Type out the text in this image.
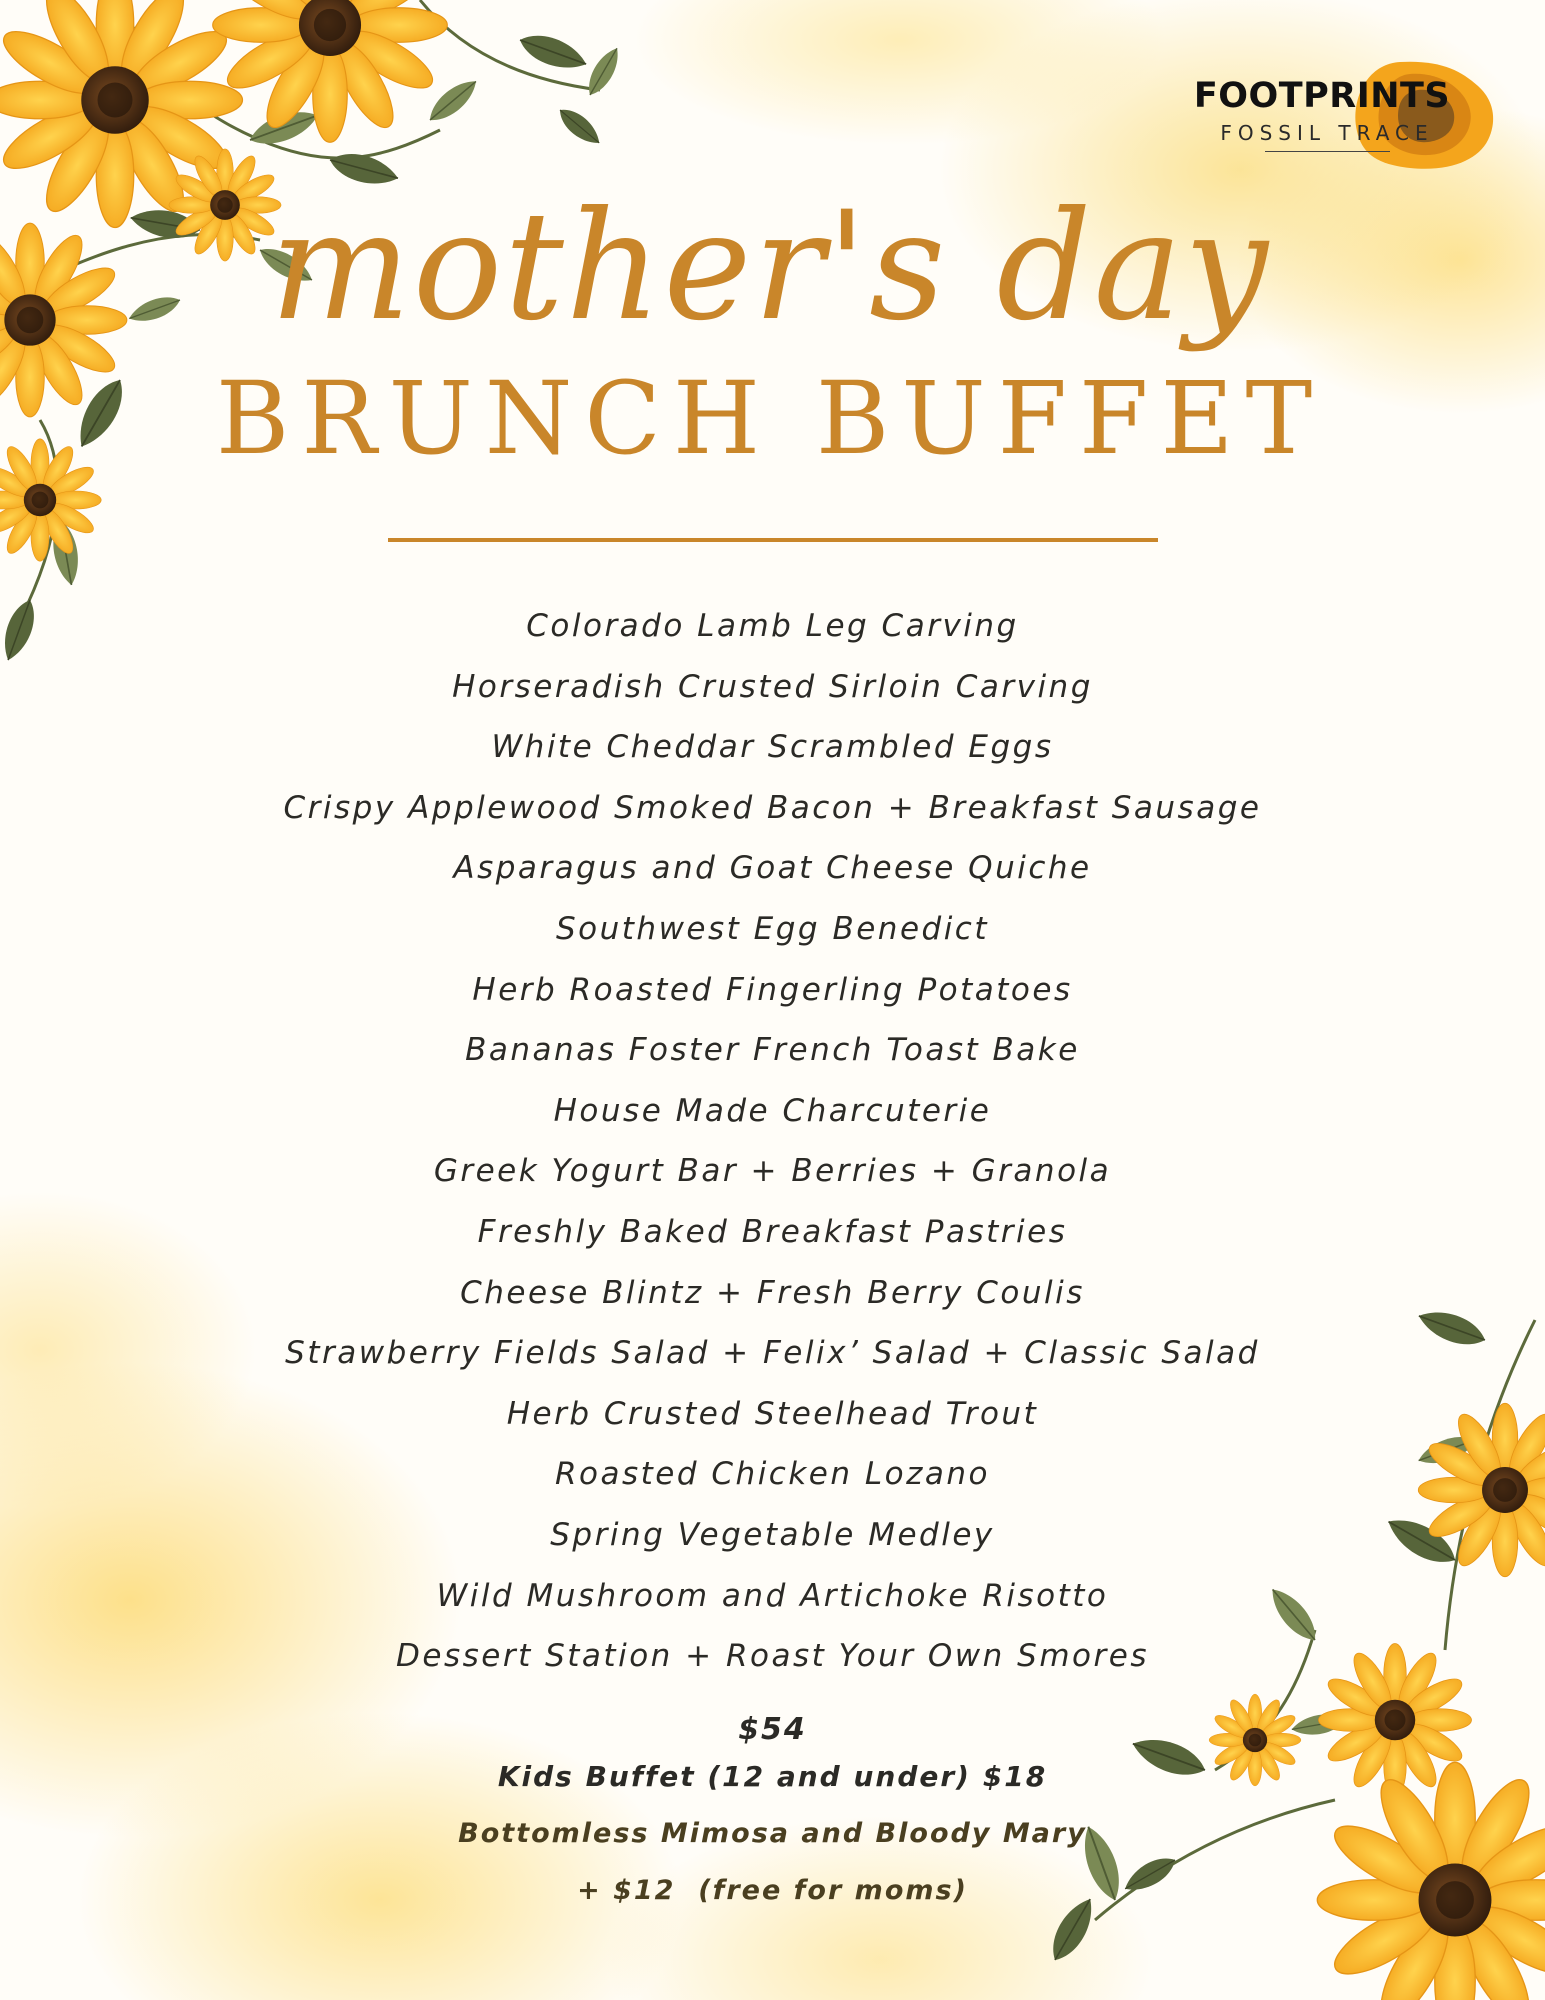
FOOTPRINTS
FOSSIL TRACE
mother's day
BRUNCH BUFFET
Colorado Lamb Leg Carving
Horseradish Crusted Sirloin Carving
White Cheddar Scrambled Eggs
Crispy Applewood Smoked Bacon + Breakfast Sausage
Asparagus and Goat Cheese Quiche
Southwest Egg Benedict
Herb Roasted Fingerling Potatoes
Bananas Foster French Toast Bake
House Made Charcuterie
Greek Yogurt Bar + Berries + Granola
Freshly Baked Breakfast Pastries
Cheese Blintz + Fresh Berry Coulis
Strawberry Fields Salad + Felix’ Salad + Classic Salad
Herb Crusted Steelhead Trout
Roasted Chicken Lozano
Spring Vegetable Medley
Wild Mushroom and Artichoke Risotto
Dessert Station + Roast Your Own Smores
$54
Kids Buffet (12 and under) $18
Bottomless Mimosa and Bloody Mary
+ $12  (free for moms)
